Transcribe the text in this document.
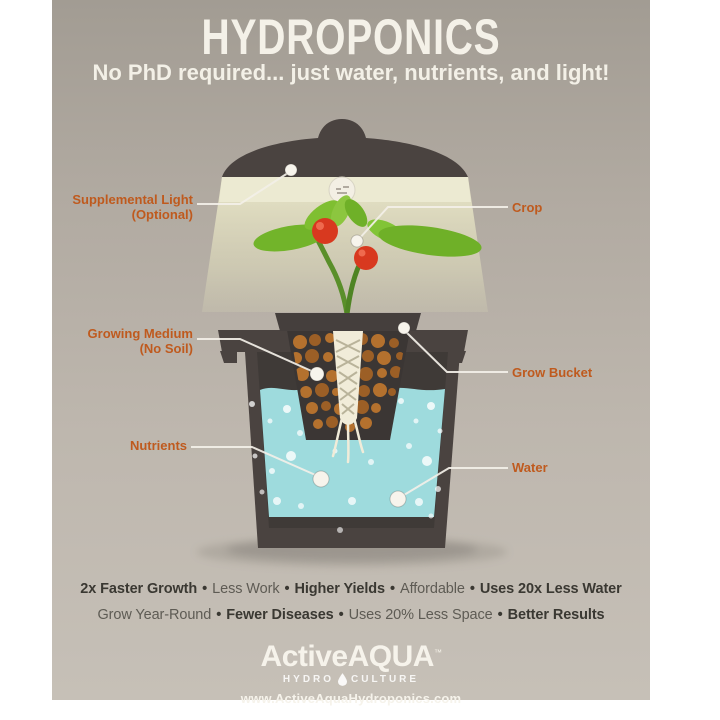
HYDROPONICS
No PhD required... just water, nutrients, and light!
Supplemental Light
(Optional)	Crop
Growing Medium
(No Soil)
Grow Bucket
Nutrients
Water
2x Faster Growth • Less Work • Higher Yields • Affordable • Uses 20x Less Water
Grow Year-Round • Fewer Diseases • Uses 20% Less Space • Better Results
ActiveAQUA™
HYDRO CULTURE
www.ActiveAquaHydroponics.com
